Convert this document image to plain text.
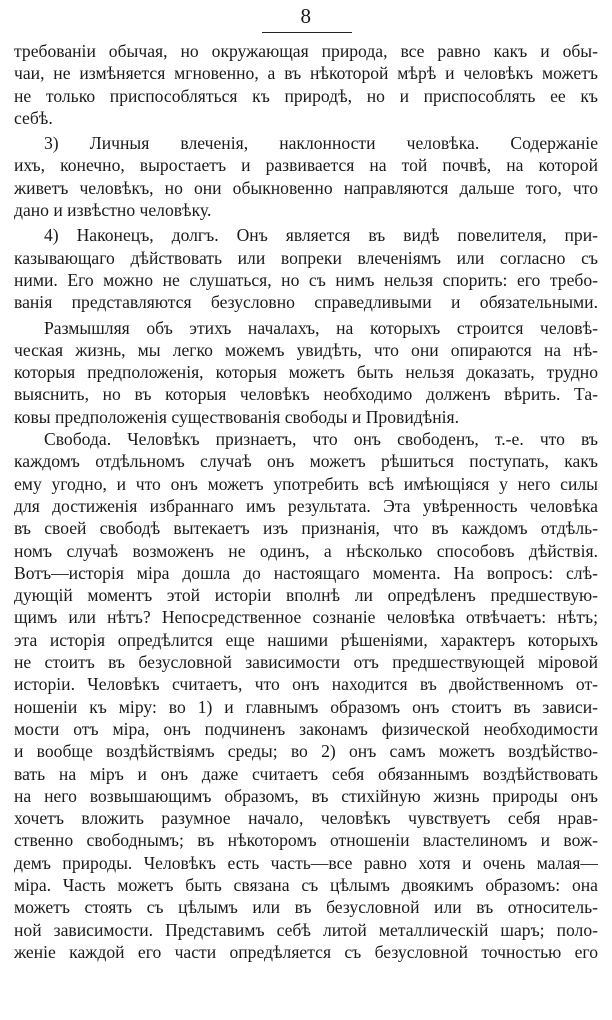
8
требованiи обычая, но окружающая природа, все равно какъ и обы-
чаи, не измѣняется мгновенно, а въ нѣкоторой мѣрѣ и человѣкъ можетъ
не только приспособляться къ природѣ, но и приспособлять ее къ
себѣ.
3) Личныя влеченiя, наклонности человѣка. Содержанiе
ихъ, конечно, выростаетъ и развивается на той почвѣ, на которой
живетъ человѣкъ, но они обыкновенно направляются дальше того, что
дано и извѣстно человѣку.
4) Наконецъ, долгъ. Онъ является въ видѣ повелителя, при-
казывающаго дѣйствовать или вопреки влеченiямъ или согласно съ
ними. Его можно не слушаться, но съ нимъ нельзя спорить: его требо-
ванiя представляются безусловно справедливыми и обязательными.
Размышляя объ этихъ началахъ, на которыхъ строится человѣ-
ческая жизнь, мы легко можемъ увидѣть, что они опираются на нѣ-
которыя предположенiя, которыя можетъ быть нельзя доказать, трудно
выяснить, но въ которыя человѣкъ необходимо долженъ вѣрить. Та-
ковы предположенiя существованiя свободы и Провидѣнiя.
Свобода. Человѣкъ признаетъ, что онъ свободенъ, т.-е. что въ
каждомъ отдѣльномъ случаѣ онъ можетъ рѣшиться поступать, какъ
ему угодно, и что онъ можетъ употребить всѣ имѣющiяся у него силы
для достиженiя избраннаго имъ результата. Эта увѣренность человѣка
въ своей свободѣ вытекаетъ изъ признанiя, что въ каждомъ отдѣль-
номъ случаѣ возможенъ не одинъ, а нѣсколько способовъ дѣйствiя.
Вотъ—исторiя мiра дошла до настоящаго момента. На вопросъ: слѣ-
дующiй моментъ этой исторiи вполнѣ ли опредѣленъ предшествую-
щимъ или нѣтъ? Непосредственное сознанiе человѣка отвѣчаетъ: нѣтъ;
эта исторiя опредѣлится еще нашими рѣшенiями, характеръ которыхъ
не стоитъ въ безусловной зависимости отъ предшествующей мiровой
исторiи. Человѣкъ считаетъ, что онъ находится въ двойственномъ от-
ношенiи къ мiру: во 1) и главнымъ образомъ онъ стоитъ въ зависи-
мости отъ мiра, онъ подчиненъ законамъ физической необходимости
и вообще воздѣйствiямъ среды; во 2) онъ самъ можетъ воздѣйство-
вать на мiръ и онъ даже считаетъ себя обязаннымъ воздѣйствовать
на него возвышающимъ образомъ, въ стихiйную жизнь природы онъ
хочетъ вложить разумное начало, человѣкъ чувствуетъ себя нрав-
ственно свободнымъ; въ нѣкоторомъ отношенiи властелиномъ и вож-
демъ природы. Человѣкъ есть часть—все равно хотя и очень малая—
мiра. Часть можетъ быть связана съ цѣлымъ двоякимъ образомъ: она
можетъ стоять съ цѣлымъ или въ безусловной или въ относитель-
ной зависимости. Представимъ себѣ литой металлическiй шаръ; поло-
женiе каждой его части опредѣляется съ безусловной точностью его
